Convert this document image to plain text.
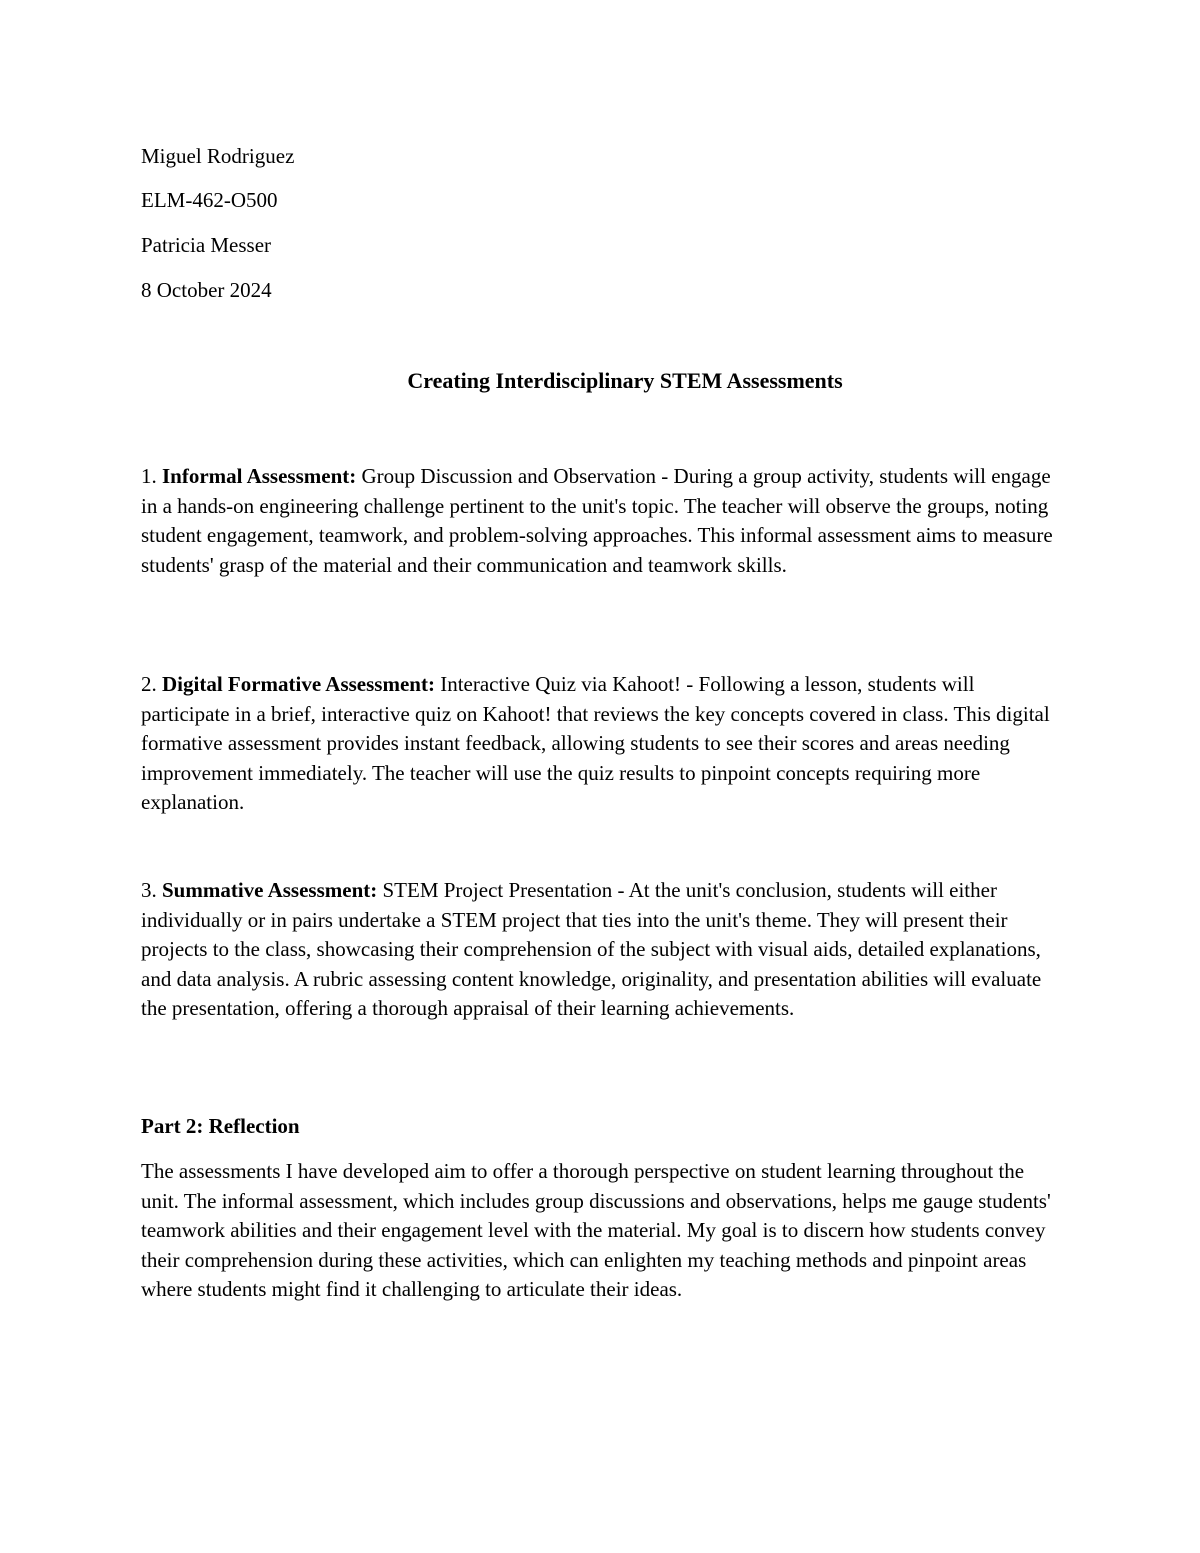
Miguel Rodriguez
ELM-462-O500
Patricia Messer
8 October 2024
Creating Interdisciplinary STEM Assessments
1. Informal Assessment: Group Discussion and Observation - During a group activity, students will engage in a hands-on engineering challenge pertinent to the unit's topic. The teacher will observe the groups, noting student engagement, teamwork, and problem-solving approaches. This informal assessment aims to measure students' grasp of the material and their communication and teamwork skills.
2. Digital Formative Assessment: Interactive Quiz via Kahoot! - Following a lesson, students will participate in a brief, interactive quiz on Kahoot! that reviews the key concepts covered in class. This digital formative assessment provides instant feedback, allowing students to see their scores and areas needing improvement immediately. The teacher will use the quiz results to pinpoint concepts requiring more explanation.
3. Summative Assessment: STEM Project Presentation - At the unit's conclusion, students will either individually or in pairs undertake a STEM project that ties into the unit's theme. They will present their projects to the class, showcasing their comprehension of the subject with visual aids, detailed explanations, and data analysis. A rubric assessing content knowledge, originality, and presentation abilities will evaluate the presentation, offering a thorough appraisal of their learning achievements.
Part 2: Reflection
The assessments I have developed aim to offer a thorough perspective on student learning throughout the unit. The informal assessment, which includes group discussions and observations, helps me gauge students' teamwork abilities and their engagement level with the material. My goal is to discern how students convey their comprehension during these activities, which can enlighten my teaching methods and pinpoint areas where students might find it challenging to articulate their ideas.
